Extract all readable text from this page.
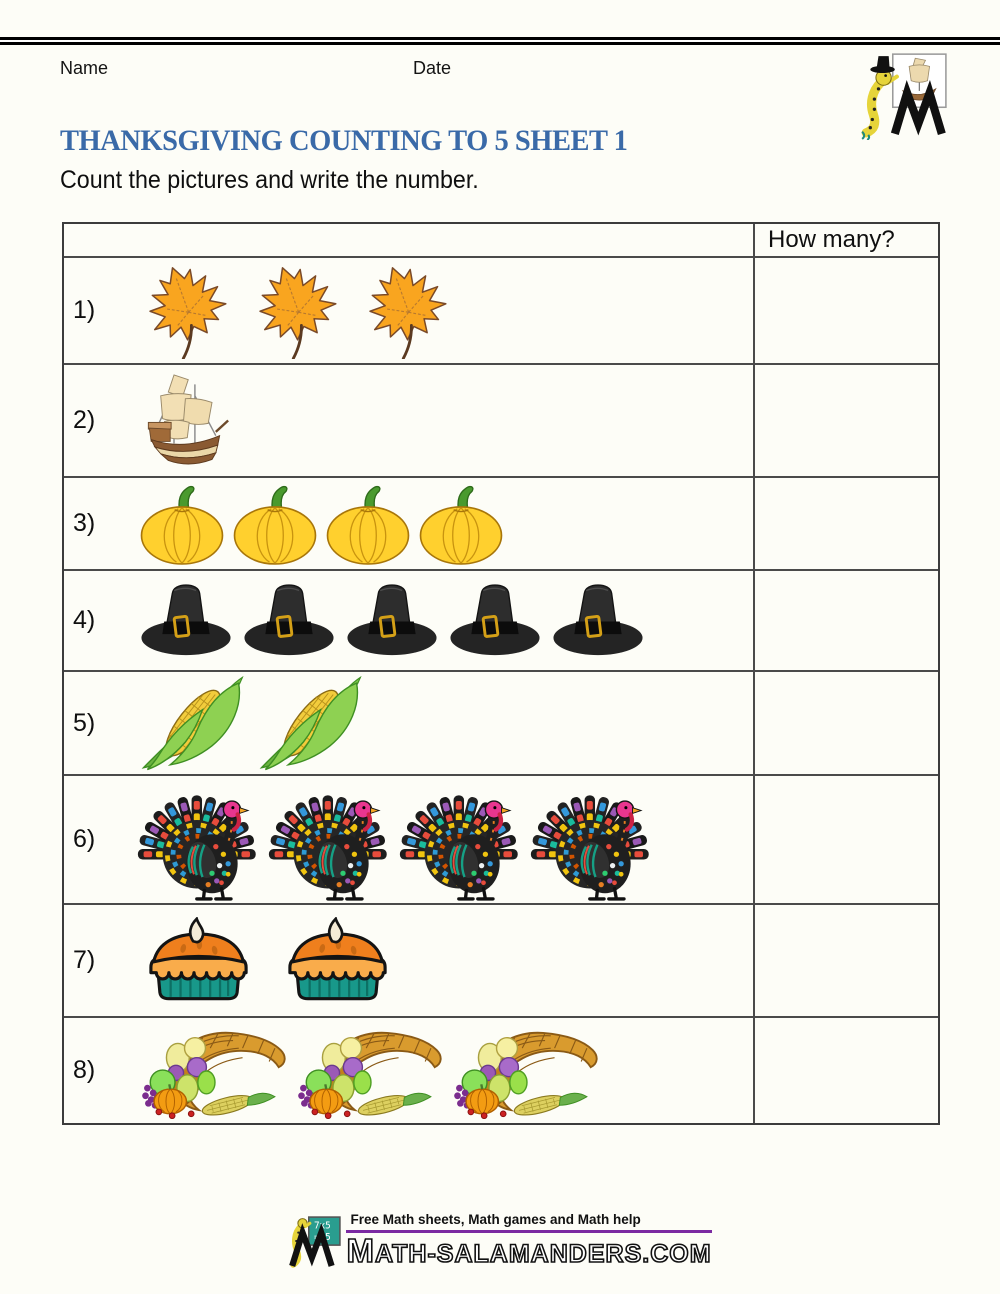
Name	Date
THANKSGIVING COUNTING TO 5 SHEET 1

Count the pictures and write the number.

How many?
1)
2)
3)
4)
5)
6)
7)
8)
7x5
=35
Free Math sheets, Math games and Math help
MATH-SALAMANDERS.COM
